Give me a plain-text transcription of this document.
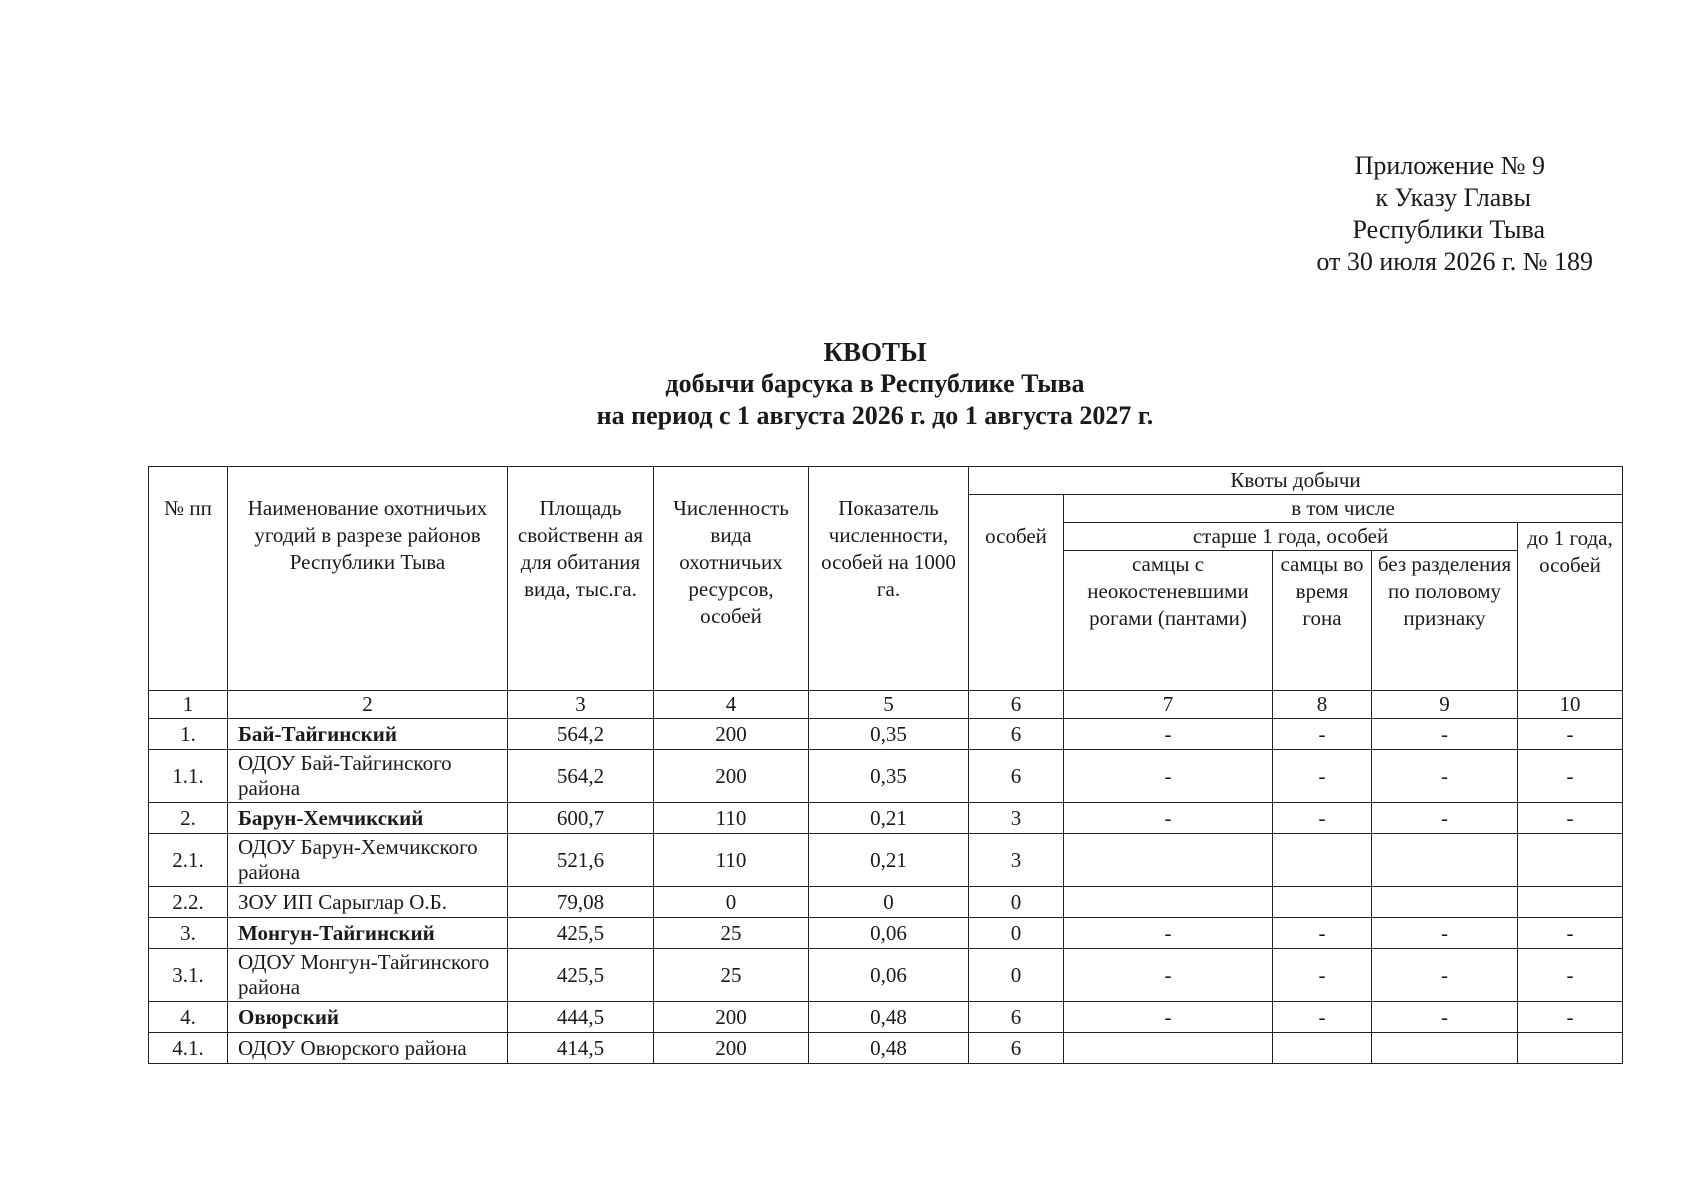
Приложение № 9
к Указу Главы
Республики Тыва
от 30 июля 2026 г. № 189
КВОТЫ
добычи барсука в Республике Тыва
на период с 1 августа 2026 г. до 1 августа 2027 г.
№ пп	Наименование охотничьих угодий в разрезе районов Республики Тыва	Площадь свойственн ая для обитания вида, тыс.га.	Численность вида охотничьих ресурсов, особей	Показатель численности, особей на 1000 га.	Квоты добычи				
					особей	в том числе			
						старше 1 года, особей			до 1 года, особей
						самцы с неокостеневшими рогами (пантами)	самцы во время гона	без разделения по половому признаку	
1	2	3	4	5	6	7	8	9	10
1.	Бай-Тайгинский	564,2	200	0,35	6	-	-	-	-
1.1.	ОДОУ Бай-Тайгинского района	564,2	200	0,35	6	-	-	-	-
2.	Барун-Хемчикский	600,7	110	0,21	3	-	-	-	-
2.1.	ОДОУ Барун-Хемчикского района	521,6	110	0,21	3				
2.2.	ЗОУ ИП Сарыглар О.Б.	79,08	0	0	0				
3.	Монгун-Тайгинский	425,5	25	0,06	0	-	-	-	-
3.1.	ОДОУ Монгун-Тайгинского района	425,5	25	0,06	0	-	-	-	-
4.	Овюрский	444,5	200	0,48	6	-	-	-	-
4.1.	ОДОУ Овюрского района	414,5	200	0,48	6				
